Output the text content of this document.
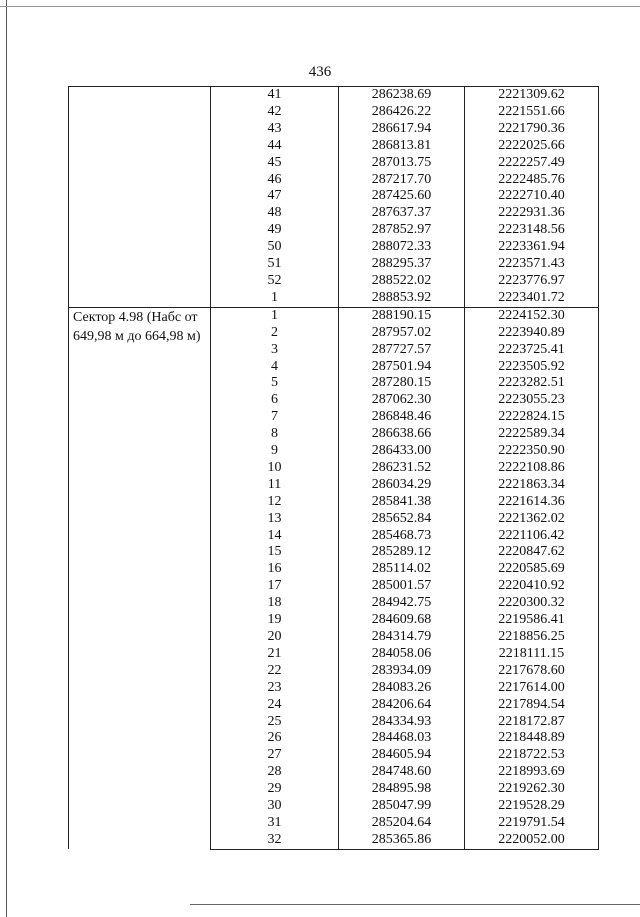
436
	41	286238.69	2221309.62
	42	286426.22	2221551.66
	43	286617.94	2221790.36
	44	286813.81	2222025.66
	45	287013.75	2222257.49
	46	287217.70	2222485.76
	47	287425.60	2222710.40
	48	287637.37	2222931.36
	49	287852.97	2223148.56
	50	288072.33	2223361.94
	51	288295.37	2223571.43
	52	288522.02	2223776.97
	1	288853.92	2223401.72

Сектор 4.98 (Набс от
649,98 м до 664,98 м)	1	288190.15	2224152.30
	2	287957.02	2223940.89
	3	287727.57	2223725.41
	4	287501.94	2223505.92
	5	287280.15	2223282.51
	6	287062.30	2223055.23
	7	286848.46	2222824.15
	8	286638.66	2222589.34
	9	286433.00	2222350.90
	10	286231.52	2222108.86
	11	286034.29	2221863.34
	12	285841.38	2221614.36
	13	285652.84	2221362.02
	14	285468.73	2221106.42
	15	285289.12	2220847.62
	16	285114.02	2220585.69
	17	285001.57	2220410.92
	18	284942.75	2220300.32
	19	284609.68	2219586.41
	20	284314.79	2218856.25
	21	284058.06	2218111.15
	22	283934.09	2217678.60
	23	284083.26	2217614.00
	24	284206.64	2217894.54
	25	284334.93	2218172.87
	26	284468.03	2218448.89
	27	284605.94	2218722.53
	28	284748.60	2218993.69
	29	284895.98	2219262.30
	30	285047.99	2219528.29
	31	285204.64	2219791.54
	32	285365.86	2220052.00
